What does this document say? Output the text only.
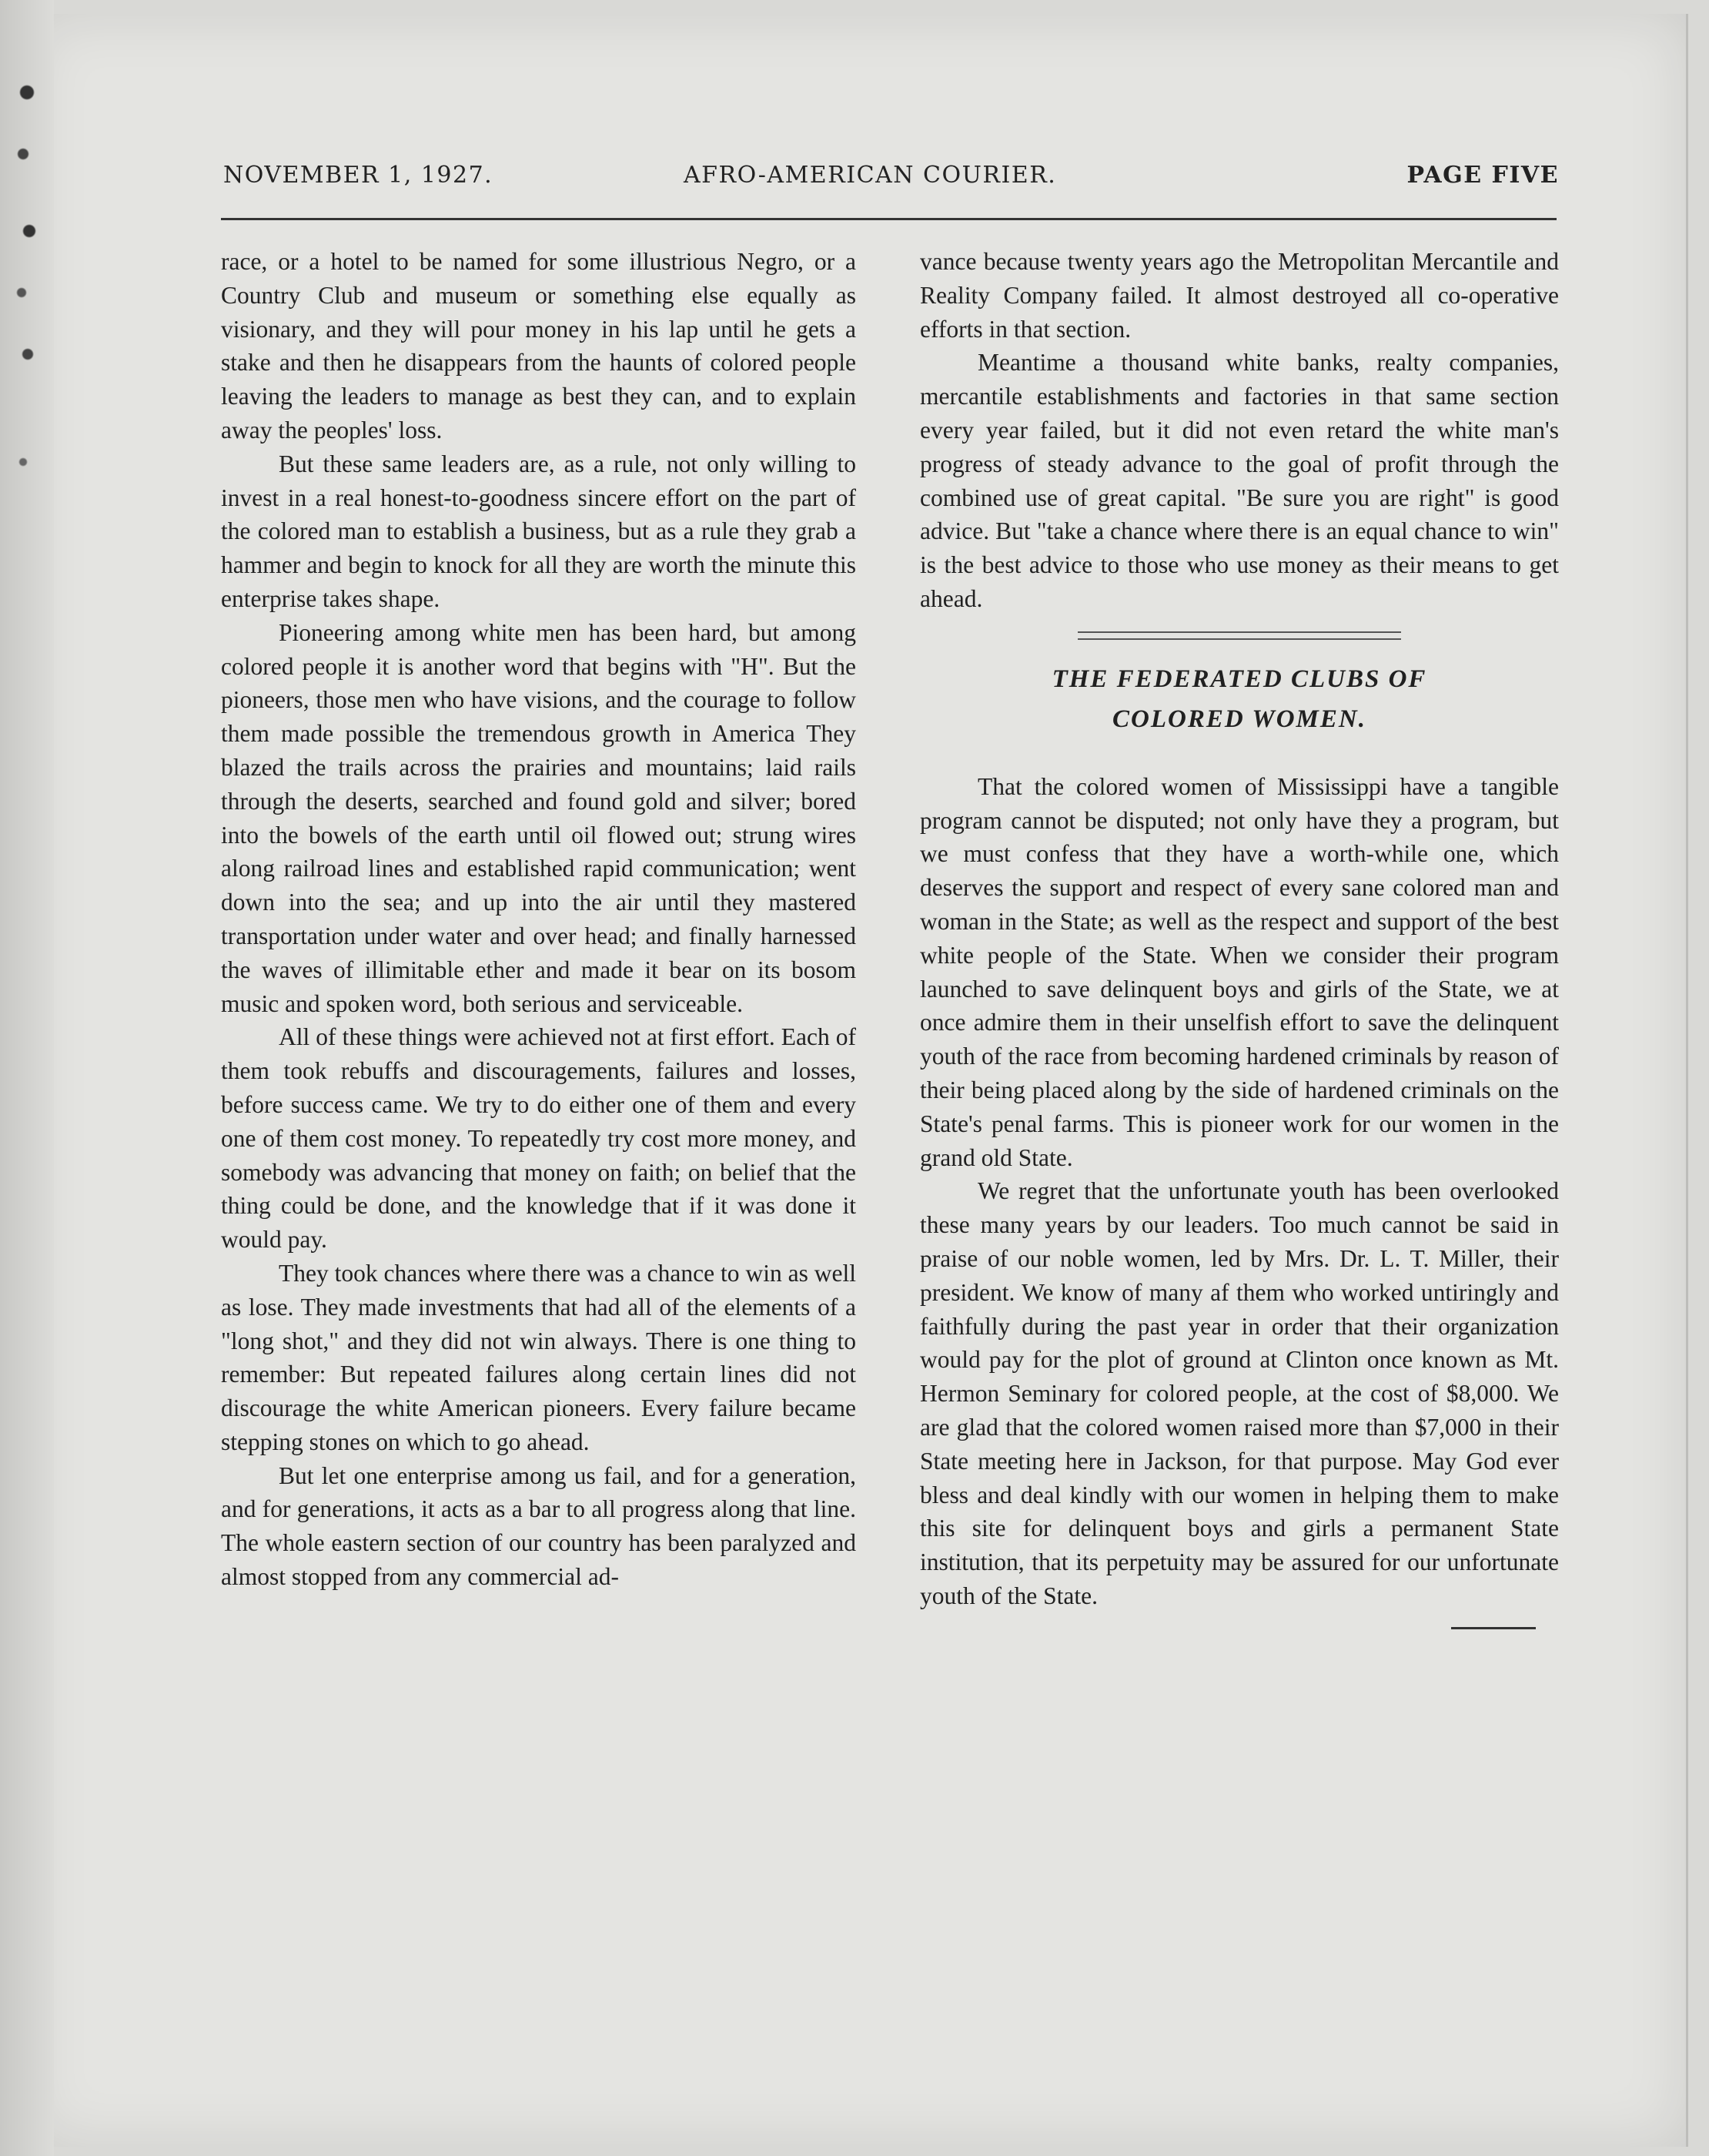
NOVEMBER 1, 1927.	AFRO-AMERICAN COURIER.	PAGE FIVE

race, or a hotel to be named for some illustrious Negro, or a Country Club and museum or something else equally as visionary, and they will pour money in his lap until he gets a stake and then he disappears from the haunts of colored people leaving the leaders to manage as best they can, and to explain away the peoples' loss.

But these same leaders are, as a rule, not only willing to invest in a real honest-to-goodness sincere effort on the part of the colored man to establish a business, but as a rule they grab a hammer and begin to knock for all they are worth the minute this enterprise takes shape.

Pioneering among white men has been hard, but among colored people it is another word that begins with "H". But the pioneers, those men who have visions, and the courage to follow them made possible the tremendous growth in America They blazed the trails across the prairies and mountains; laid rails through the deserts, searched and found gold and silver; bored into the bowels of the earth until oil flowed out; strung wires along railroad lines and established rapid communication; went down into the sea; and up into the air until they mastered transportation under water and over head; and finally harnessed the waves of illimitable ether and made it bear on its bosom music and spoken word, both serious and serviceable.

All of these things were achieved not at first effort. Each of them took rebuffs and discouragements, failures and losses, before success came. We try to do either one of them and every one of them cost money. To repeatedly try cost more money, and somebody was advancing that money on faith; on belief that the thing could be done, and the knowledge that if it was done it would pay.

They took chances where there was a chance to win as well as lose. They made investments that had all of the elements of a "long shot," and they did not win always. There is one thing to remember: But repeated failures along certain lines did not discourage the white American pioneers. Every failure became stepping stones on which to go ahead.

But let one enterprise among us fail, and for a generation, and for generations, it acts as a bar to all progress along that line. The whole eastern section of our country has been paralyzed and almost stopped from any commercial ad-

vance because twenty years ago the Metropolitan Mercantile and Reality Company failed. It almost destroyed all co-operative efforts in that section.

Meantime a thousand white banks, realty companies, mercantile establishments and factories in that same section every year failed, but it did not even retard the white man's progress of steady advance to the goal of profit through the combined use of great capital. "Be sure you are right" is good advice. But "take a chance where there is an equal chance to win" is the best advice to those who use money as their means to get ahead.

THE FEDERATED CLUBS OF
COLORED WOMEN.

That the colored women of Mississippi have a tangible program cannot be disputed; not only have they a program, but we must confess that they have a worth-while one, which deserves the support and respect of every sane colored man and woman in the State; as well as the respect and support of the best white people of the State. When we consider their program launched to save delinquent boys and girls of the State, we at once admire them in their unselfish effort to save the delinquent youth of the race from becoming hardened criminals by reason of their being placed along by the side of hardened criminals on the State's penal farms. This is pioneer work for our women in the grand old State.

We regret that the unfortunate youth has been overlooked these many years by our leaders. Too much cannot be said in praise of our noble women, led by Mrs. Dr. L. T. Miller, their president. We know of many af them who worked untiringly and faithfully during the past year in order that their organization would pay for the plot of ground at Clinton once known as Mt. Hermon Seminary for colored people, at the cost of $8,000. We are glad that the colored women raised more than $7,000 in their State meeting here in Jackson, for that purpose. May God ever bless and deal kindly with our women in helping them to make this site for delinquent boys and girls a permanent State institution, that its perpetuity may be assured for our unfortunate youth of the State.
